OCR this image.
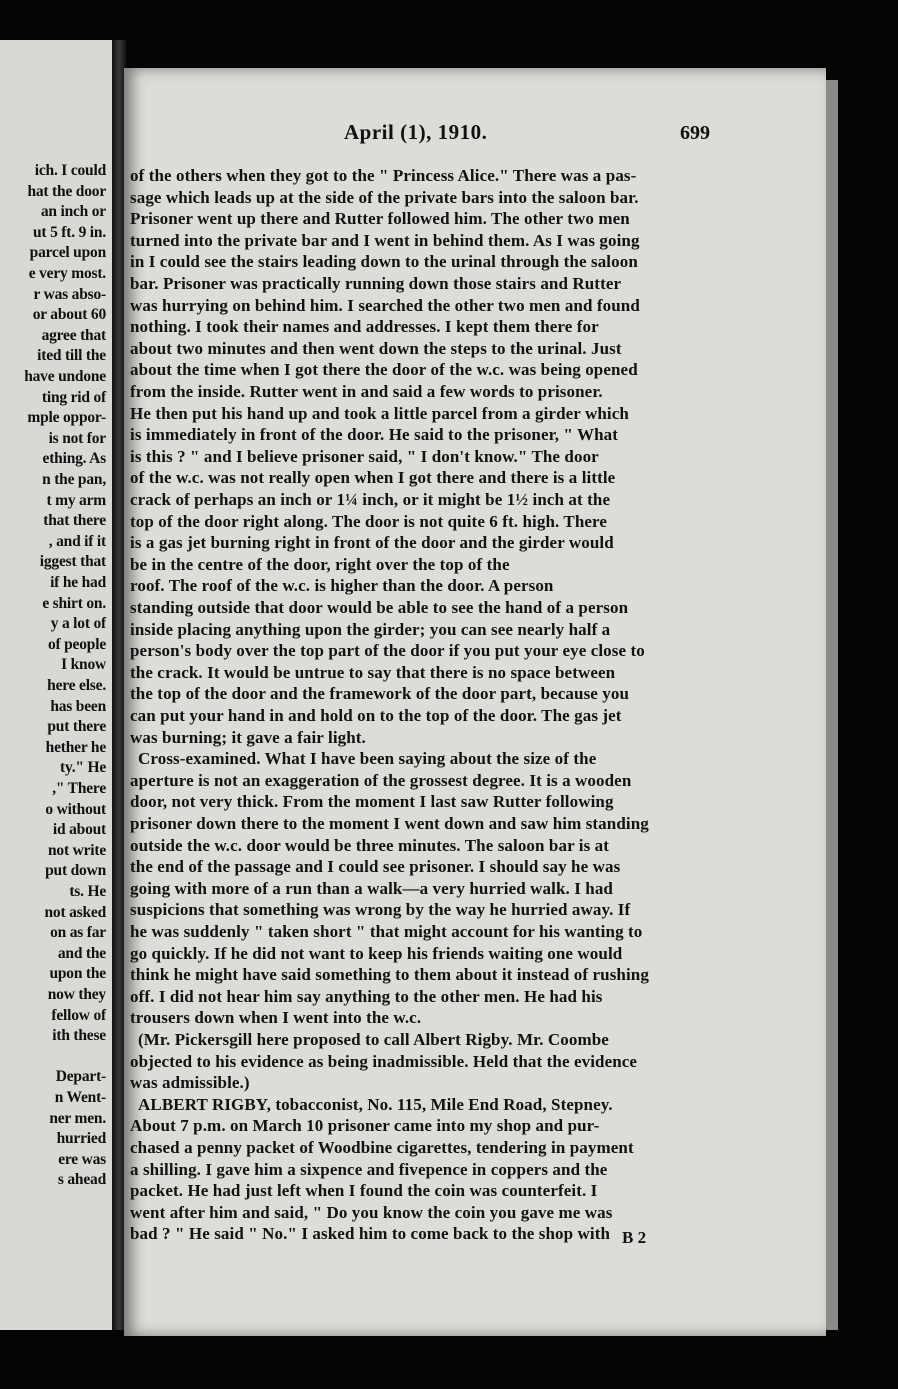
ich. I could
hat the door
an inch or
ut 5 ft. 9 in.
parcel upon
e very most.
r was abso-
or about 60
agree that
ited till the
have undone
ting rid of
mple oppor-
is not for
ething. As
n the pan,
t my arm
that there
, and if it
iggest that
if he had
e shirt on.
y a lot of
of people
I know
here else.
has been
put there
hether he
ty." He
," There
o without
id about
not write
put down
ts. He
not asked
on as far
and the
upon the
now they
fellow of
ith these
Depart-
n Went-
ner men.
hurried
ere was
s ahead
April (1), 1910.	699
of the others when they got to the " Princess Alice." There was a pas-
sage which leads up at the side of the private bars into the saloon bar.
Prisoner went up there and Rutter followed him. The other two men
turned into the private bar and I went in behind them. As I was going
in I could see the stairs leading down to the urinal through the saloon
bar. Prisoner was practically running down those stairs and Rutter
was hurrying on behind him. I searched the other two men and found
nothing. I took their names and addresses. I kept them there for
about two minutes and then went down the steps to the urinal. Just
about the time when I got there the door of the w.c. was being opened
from the inside. Rutter went in and said a few words to prisoner.
He then put his hand up and took a little parcel from a girder which
is immediately in front of the door. He said to the prisoner, " What
is this ? " and I believe prisoner said, " I don't know." The door
of the w.c. was not really open when I got there and there is a little
crack of perhaps an inch or 1¼ inch, or it might be 1½ inch at the
top of the door right along. The door is not quite 6 ft. high. There
is a gas jet burning right in front of the door and the girder would
be in the centre of the door, right over the top of the
roof. The roof of the w.c. is higher than the door. A person
standing outside that door would be able to see the hand of a person
inside placing anything upon the girder; you can see nearly half a
person's body over the top part of the door if you put your eye close to
the crack. It would be untrue to say that there is no space between
the top of the door and the framework of the door part, because you
can put your hand in and hold on to the top of the door. The gas jet
was burning; it gave a fair light.
Cross-examined. What I have been saying about the size of the
aperture is not an exaggeration of the grossest degree. It is a wooden
door, not very thick. From the moment I last saw Rutter following
prisoner down there to the moment I went down and saw him standing
outside the w.c. door would be three minutes. The saloon bar is at
the end of the passage and I could see prisoner. I should say he was
going with more of a run than a walk—a very hurried walk. I had
suspicions that something was wrong by the way he hurried away. If
he was suddenly " taken short " that might account for his wanting to
go quickly. If he did not want to keep his friends waiting one would
think he might have said something to them about it instead of rushing
off. I did not hear him say anything to the other men. He had his
trousers down when I went into the w.c.
(Mr. Pickersgill here proposed to call Albert Rigby. Mr. Coombe
objected to his evidence as being inadmissible. Held that the evidence
was admissible.)
ALBERT RIGBY, tobacconist, No. 115, Mile End Road, Stepney.
About 7 p.m. on March 10 prisoner came into my shop and pur-
chased a penny packet of Woodbine cigarettes, tendering in payment
a shilling. I gave him a sixpence and fivepence in coppers and the
packet. He had just left when I found the coin was counterfeit. I
went after him and said, " Do you know the coin you gave me was
bad ? " He said " No." I asked him to come back to the shop with B 2
